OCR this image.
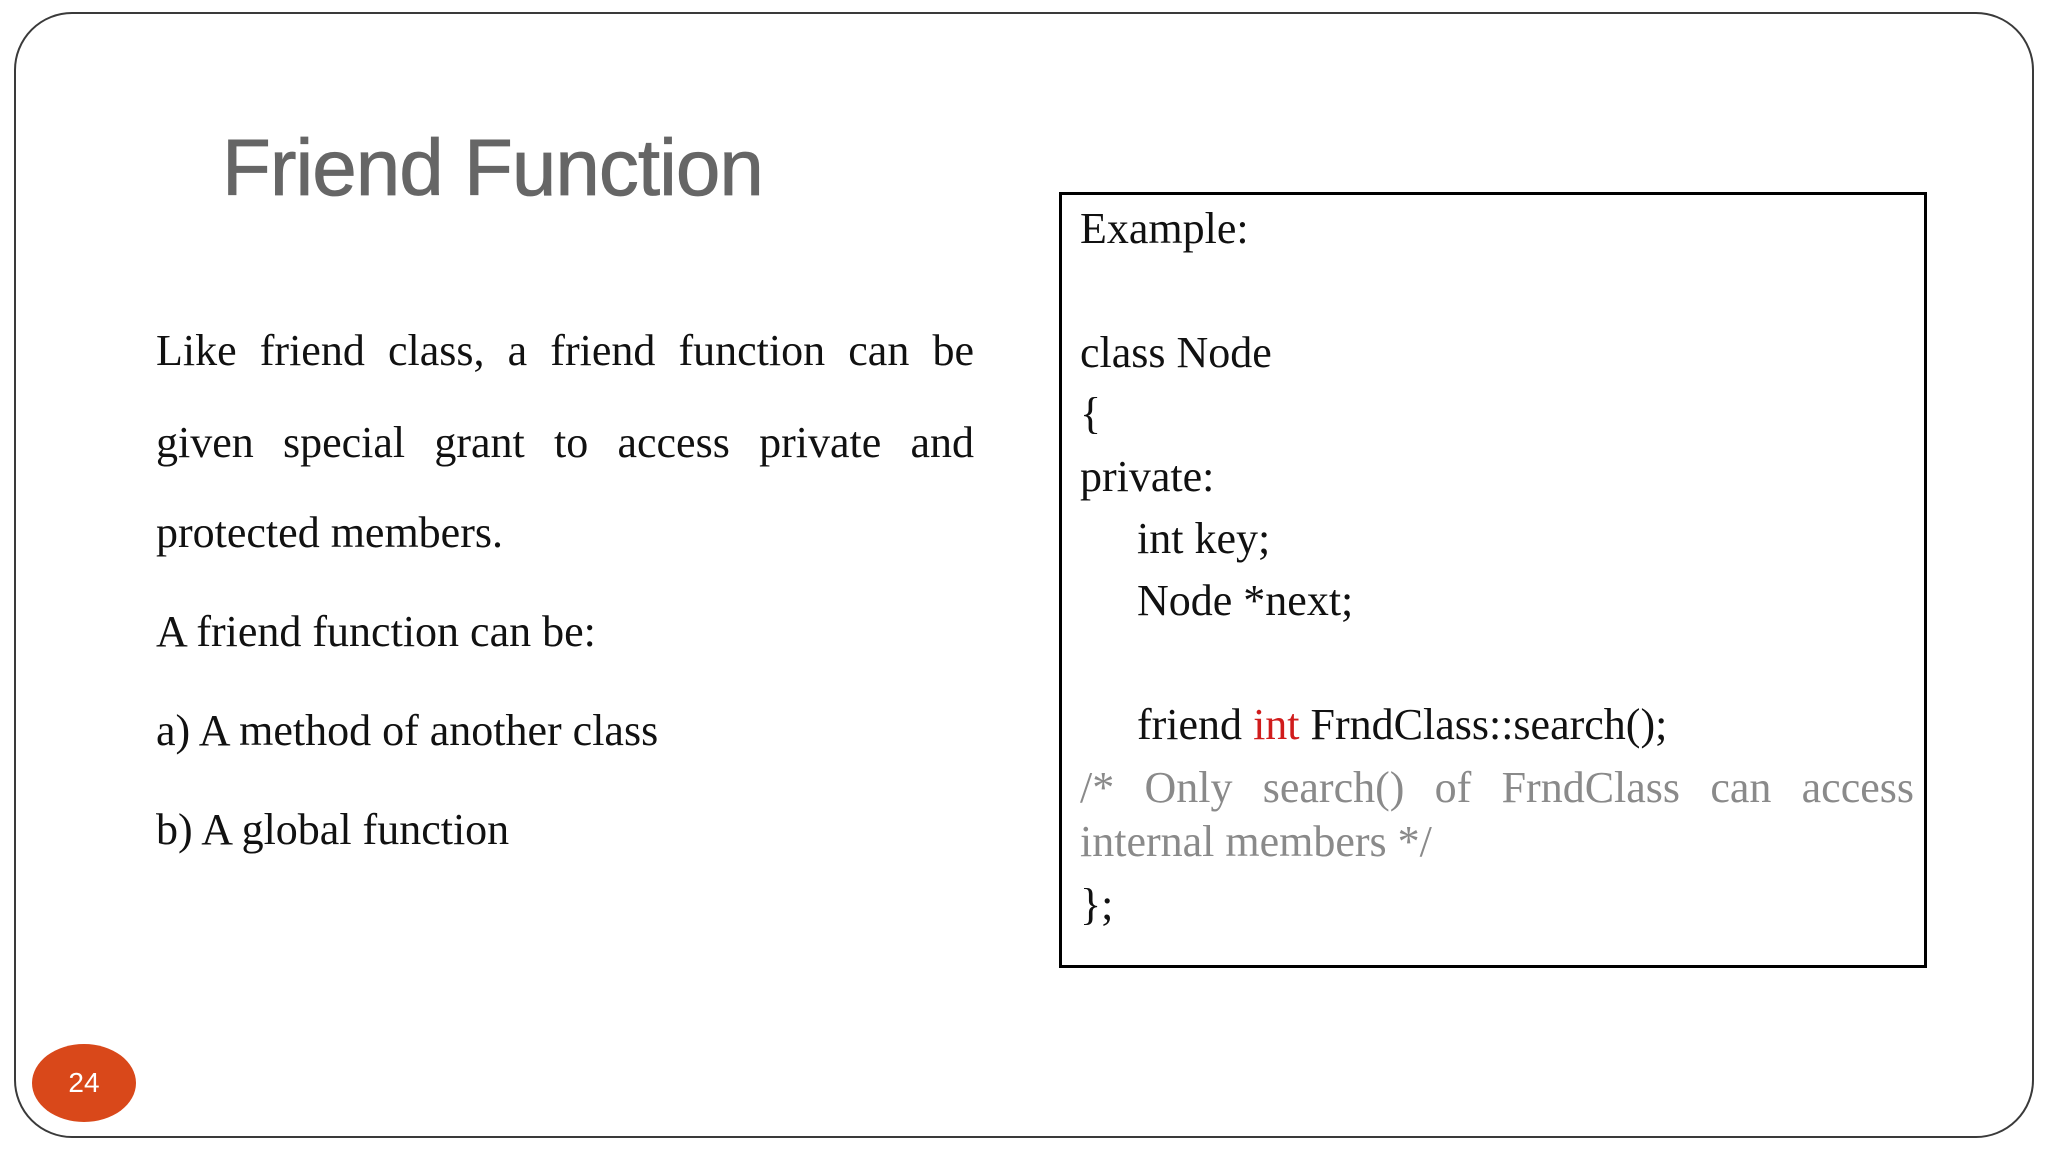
Friend Function
Like friend class, a friend function can be
given special grant to access private and
protected members.
A friend function can be:
a) A method of another class
b) A global function
Example:
class Node
{
private:
int key;
Node *next;
friend int FrndClass::search();
/* Only search() of FrndClass can access
internal members */
};
24
